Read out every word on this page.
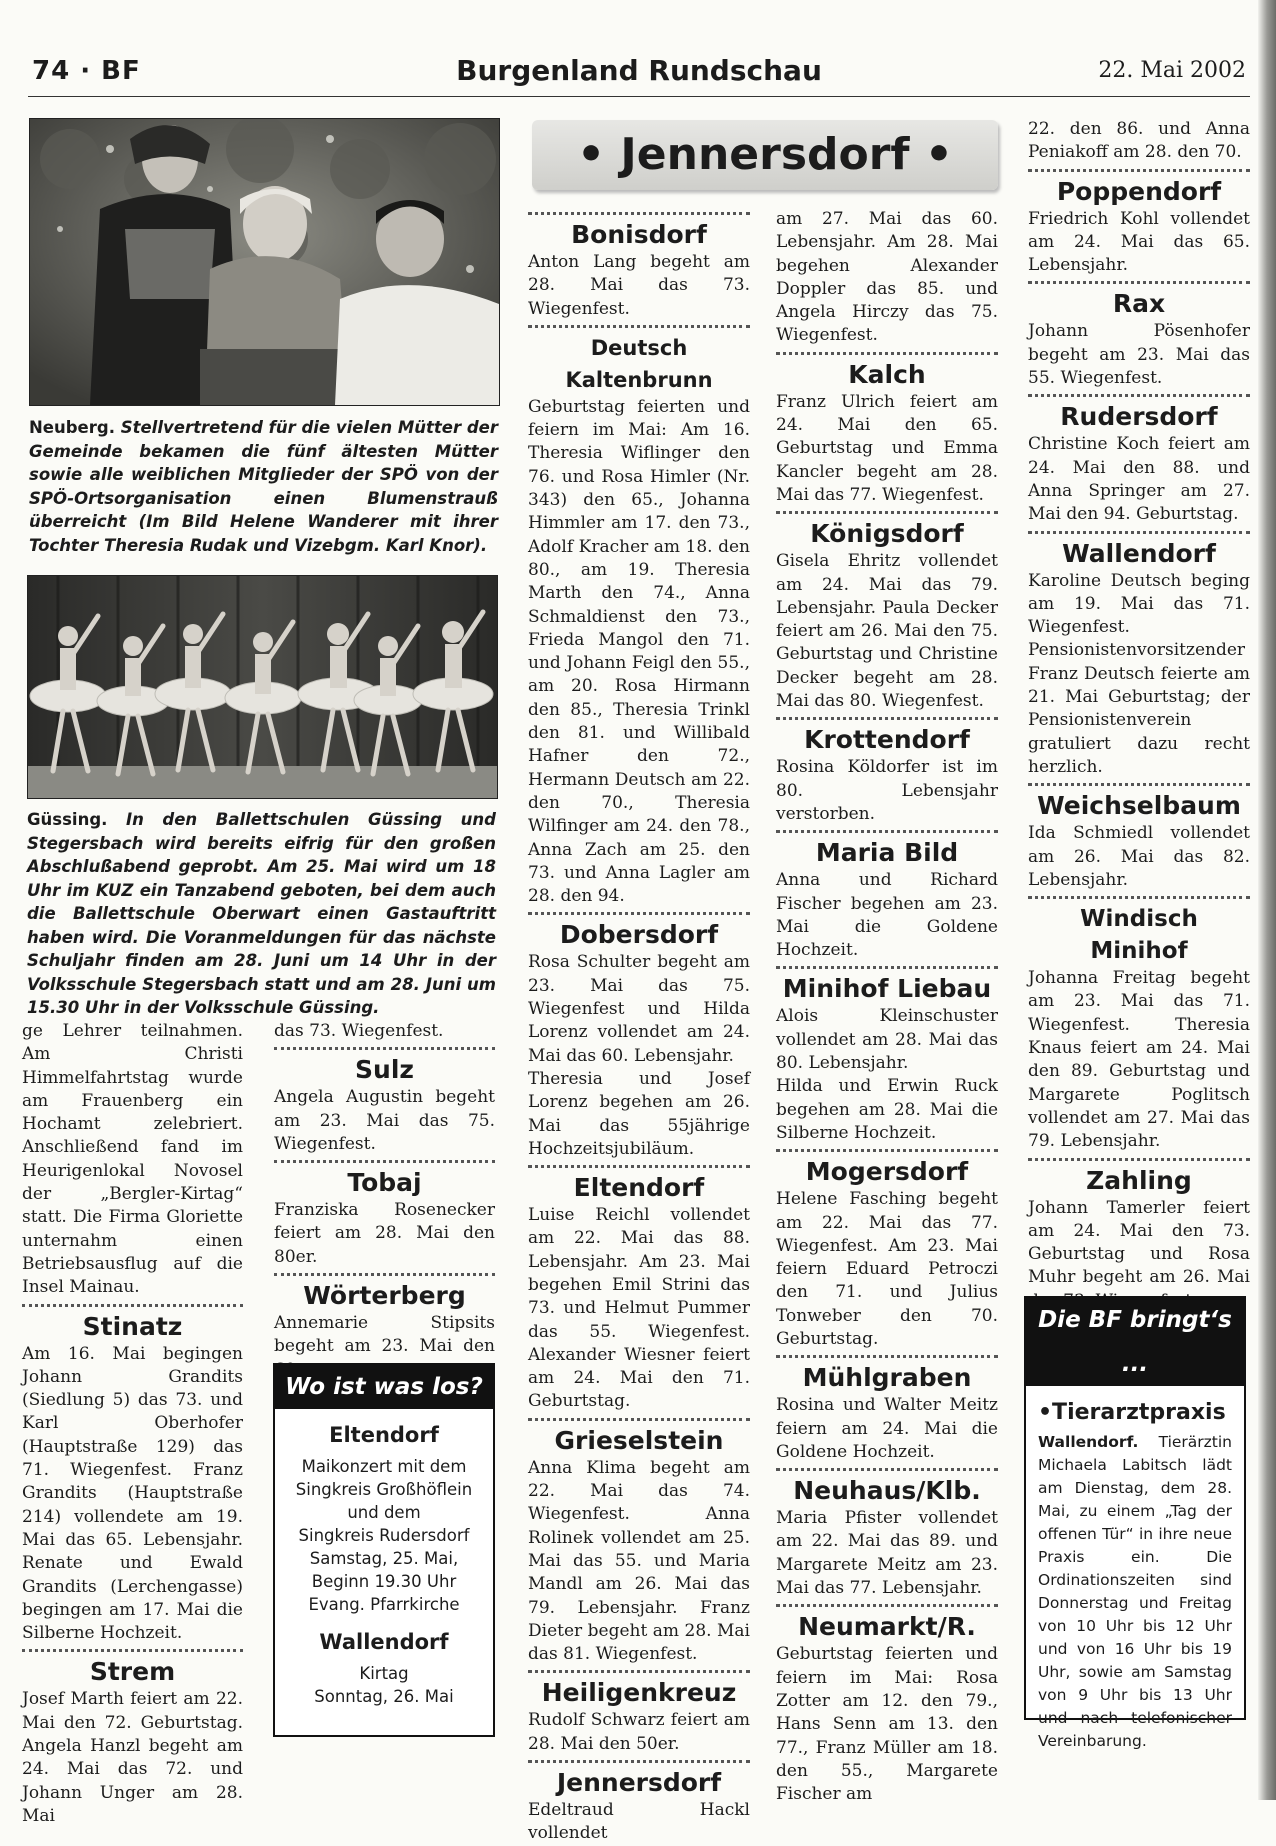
74 · BF	Burgenland Rundschau	22. Mai 2002
Neuberg. Stellvertretend für die vielen Mütter der Gemeinde bekamen die fünf ältesten Mütter sowie alle weiblichen Mitglieder der SPÖ von der SPÖ-Ortsorganisation einen Blumenstrauß überreicht (Im Bild Helene Wanderer mit ihrer Tochter Theresia Rudak und Vizebgm. Karl Knor).
Güssing. In den Ballettschulen Güssing und Stegersbach wird bereits eifrig für den großen Abschlußabend geprobt. Am 25. Mai wird um 18 Uhr im KUZ ein Tanzabend geboten, bei dem auch die Ballettschule Oberwart einen Gastauftritt haben wird. Die Voranmeldungen für das nächste Schuljahr finden am 28. Juni um 14 Uhr in der Volksschule Stegersbach statt und am 28. Juni um 15.30 Uhr in der Volksschule Güssing.

ge Lehrer teilnahmen. Am Christi Himmelfahrtstag wurde am Frauenberg ein Hochamt zelebriert. Anschließend fand im Heurigenlokal Novosel der „Bergler-Kirtag“ statt. Die Firma Gloriette unternahm einen Betriebsausflug auf die Insel Mainau.

Stinatz

Am 16. Mai begingen Johann Grandits (Siedlung 5) das 73. und Karl Oberhofer (Hauptstraße 129) das 71. Wiegenfest. Franz Grandits (Hauptstraße 214) vollendete am 19. Mai das 65. Lebensjahr. Renate und Ewald Grandits (Lerchengasse) begingen am 17. Mai die Silberne Hochzeit.

Strem

Josef Marth feiert am 22. Mai den 72. Geburtstag. Angela Hanzl begeht am 24. Mai das 72. und Johann Unger am 28. Mai

das 73. Wiegenfest.

Sulz

Angela Augustin begeht am 23. Mai das 75. Wiegenfest.

Tobaj

Franziska Rosenecker feiert am 28. Mai den 80er.

Wörterberg

Annemarie Stipsits begeht am 23. Mai den

Wo ist was los?
Eltendorf
Maikonzert mit dem
Singkreis Großhöflein
und dem
Singkreis Rudersdorf
Samstag, 25. Mai,
Beginn 19.30 Uhr
Evang. Pfarrkirche
Wallendorf
Kirtag
Sonntag, 26. Mai
• Jennersdorf •
Bonisdorf

Anton Lang begeht am 28. Mai das 73. Wiegenfest.

Deutsch Kaltenbrunn

Geburtstag feierten und feiern im Mai: Am 16. Theresia Wiflinger den 76. und Rosa Himler (Nr. 343) den 65., Johanna Himmler am 17. den 73., Adolf Kracher am 18. den 80., am 19. Theresia Marth den 74., Anna Schmaldienst den 73., Frieda Mangol den 71. und Johann Feigl den 55., am 20. Rosa Hirmann den 85., Theresia Trinkl den 81. und Willibald Hafner den 72., Hermann Deutsch am 22. den 70., Theresia Wilfinger am 24. den 78., Anna Zach am 25. den 73. und Anna Lagler am 28. den 94.

Dobersdorf

Rosa Schulter begeht am 23. Mai das 75. Wiegenfest und Hilda Lorenz vollendet am 24. Mai das 60. Lebensjahr.

Theresia und Josef Lorenz begehen am 26. Mai das 55jährige Hochzeitsjubiläum.

Eltendorf

Luise Reichl vollendet am 22. Mai das 88. Lebensjahr. Am 23. Mai begehen Emil Strini das 73. und Helmut Pummer das 55. Wiegenfest. Alexander Wiesner feiert am 24. Mai den 71. Geburtstag.

Grieselstein

Anna Klima begeht am 22. Mai das 74. Wiegenfest. Anna Rolinek vollendet am 25. Mai das 55. und Maria Mandl am 26. Mai das 79. Lebensjahr. Franz Dieter begeht am 28. Mai das 81. Wiegenfest.

Heiligenkreuz

Rudolf Schwarz feiert am 28. Mai den 50er.

Jennersdorf

Edeltraud Hackl vollendet

am 27. Mai das 60. Lebensjahr. Am 28. Mai begehen Alexander Doppler das 85. und Angela Hirczy das 75. Wiegenfest.

Kalch

Franz Ulrich feiert am 24. Mai den 65. Geburtstag und Emma Kancler begeht am 28. Mai das 77. Wiegenfest.

Königsdorf

Gisela Ehritz vollendet am 24. Mai das 79. Lebensjahr. Paula Decker feiert am 26. Mai den 75. Geburtstag und Christine Decker begeht am 28. Mai das 80. Wiegenfest.

Krottendorf

Rosina Köldorfer ist im 80. Lebensjahr verstorben.

Maria Bild

Anna und Richard Fischer begehen am 23. Mai die Goldene Hochzeit.

Minihof Liebau

Alois Kleinschuster vollendet am 28. Mai das 80. Lebensjahr.

Hilda und Erwin Ruck begehen am 28. Mai die Silberne Hochzeit.

Mogersdorf

Helene Fasching begeht am 22. Mai das 77. Wiegenfest. Am 23. Mai feiern Eduard Petroczi den 71. und Julius Tonweber den 70. Geburtstag.

Mühlgraben

Rosina und Walter Meitz feiern am 24. Mai die Goldene Hochzeit.

Neuhaus/Klb.

Maria Pfister vollendet am 22. Mai das 89. und Margarete Meitz am 23. Mai das 77. Lebensjahr.

Neumarkt/R.

Geburtstag feierten und feiern im Mai: Rosa Zotter am 12. den 79., Hans Senn am 13. den 77., Franz Müller am 18. den 55., Margarete Fischer am

22. den 86. und Anna Peniakoff am 28. den 70.

Poppendorf

Friedrich Kohl vollendet am 24. Mai das 65. Lebensjahr.

Rax

Johann Pösenhofer begeht am 23. Mai das 55. Wiegenfest.

Rudersdorf

Christine Koch feiert am 24. Mai den 88. und Anna Springer am 27. Mai den 94. Geburtstag.

Wallendorf

Karoline Deutsch beging am 19. Mai das 71. Wiegenfest.

Pensionistenvorsitzender Franz Deutsch feierte am 21. Mai Geburtstag; der Pensionistenverein gratuliert dazu recht herzlich.

Weichselbaum

Ida Schmiedl vollendet am 26. Mai das 82. Lebensjahr.

Windisch Minihof

Johanna Freitag begeht am 23. Mai das 71. Wiegenfest. Theresia Knaus feiert am 24. Mai den 89. Geburtstag und Margarete Poglitsch vollendet am 27. Mai das 79. Lebensjahr.

Zahling

Johann Tamerler feiert am 24. Mai den 73. Geburtstag und Rosa Muhr begeht am 26. Mai

Die BF bringt‘s ...
•Tierarztpraxis

Wallendorf. Tierärztin Michaela Labitsch lädt am Dienstag, dem 28. Mai, zu einem „Tag der offenen Tür“ in ihre neue Praxis ein. Die Ordinationszeiten sind Donnerstag und Freitag von 10 Uhr bis 12 Uhr und von 16 Uhr bis 19 Uhr, sowie am Samstag von 9 Uhr bis 13 Uhr und nach telefonischer Vereinbarung.
